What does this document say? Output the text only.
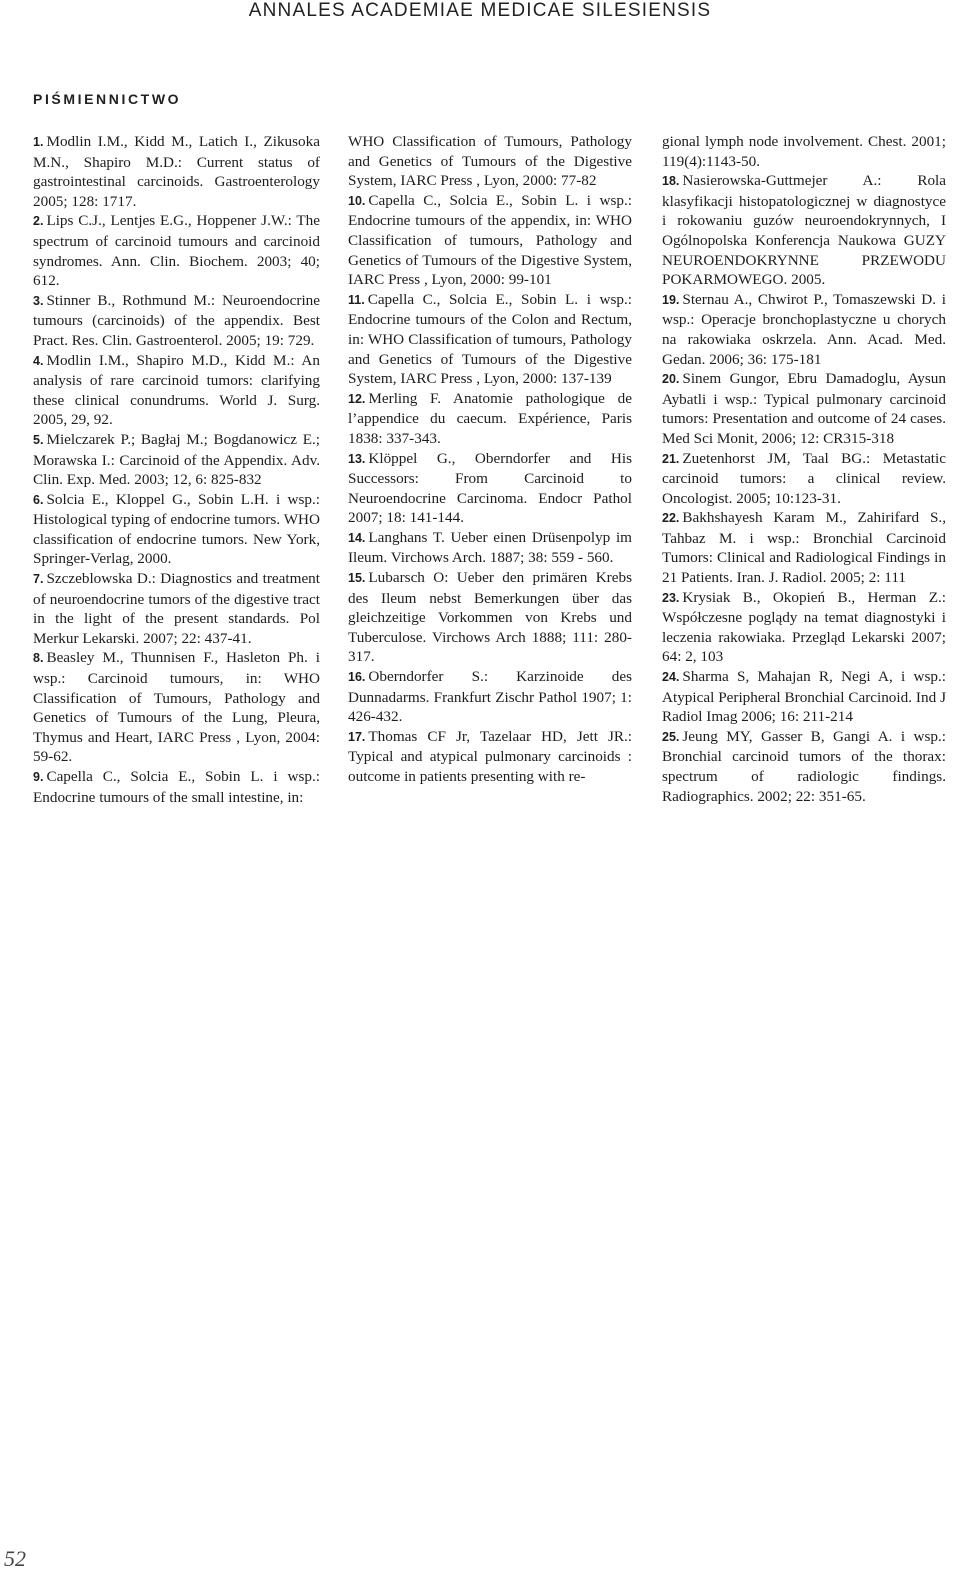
ANNALES ACADEMIAE MEDICAE SILESIENSIS
PIŚMIENNICTWO

1. Modlin I.M., Kidd M., Latich I., Zikusoka M.N., Shapiro M.D.: Current status of gastrointestinal carcinoids. Gastroenterology 2005; 128: 1717.

2. Lips C.J., Lentjes E.G., Hoppener J.W.: The spectrum of carcinoid tumours and carcinoid syndromes. Ann. Clin. Biochem. 2003; 40; 612.

3. Stinner B., Rothmund M.: Neuroendocrine tumours (carcinoids) of the appendix. Best Pract. Res. Clin. Gastroenterol. 2005; 19: 729.

4. Modlin I.M., Shapiro M.D., Kidd M.: An analysis of rare carcinoid tumors: clarifying these clinical conundrums. World J. Surg. 2005, 29, 92.

5. Mielczarek P.; Bagłaj M.; Bogdanowicz E.; Morawska I.: Carcinoid of the Appendix. Adv. Clin. Exp. Med. 2003; 12, 6: 825-832

6. Solcia E., Kloppel G., Sobin L.H. i wsp.: Histological typing of endocrine tumors. WHO classification of endocrine tumors. New York, Springer-Verlag, 2000.

7. Szczeblowska D.: Diagnostics and treatment of neuroendocrine tumors of the digestive tract in the light of the present standards. Pol Merkur Lekarski. 2007; 22: 437-41.

8. Beasley M., Thunnisen F., Hasleton Ph. i wsp.: Carcinoid tumours, in: WHO Classification of Tumours, Pathology and Genetics of Tumours of the Lung, Pleura, Thymus and Heart, IARC Press , Lyon, 2004: 59-62.

9. Capella C., Solcia E., Sobin L. i wsp.: Endocrine tumours of the small intestine, in:

WHO Classification of Tumours, Pathology and Genetics of Tumours of the Digestive System, IARC Press , Lyon, 2000: 77-82

10. Capella C., Solcia E., Sobin L. i wsp.: Endocrine tumours of the appendix, in: WHO Classification of tumours, Pathology and Genetics of Tumours of the Digestive System, IARC Press , Lyon, 2000: 99-101

11. Capella C., Solcia E., Sobin L. i wsp.: Endocrine tumours of the Colon and Rectum, in: WHO Classification of tumours, Pathology and Genetics of Tumours of the Digestive System, IARC Press , Lyon, 2000: 137-139

12. Merling F. Anatomie pathologique de l’appendice du caecum. Expérience, Paris 1838: 337-343.

13. Klöppel G., Oberndorfer and His Successors: From Carcinoid to Neuroendocrine Carcinoma. Endocr Pathol 2007; 18: 141-144.

14. Langhans T. Ueber einen Drüsenpolyp im Ileum. Virchows Arch. 1887; 38: 559 - 560.

15. Lubarsch O: Ueber den primären Krebs des Ileum nebst Bemerkungen über das gleichzeitige Vorkommen von Krebs und Tuberculose. Virchows Arch 1888; 111: 280-317.

16. Oberndorfer S.: Karzinoide des Dunnadarms. Frankfurt Zischr Pathol 1907; 1: 426-432.

17. Thomas CF Jr, Tazelaar HD, Jett JR.: Typical and atypical pulmonary carcinoids : outcome in patients presenting with re-

gional lymph node involvement. Chest. 2001; 119(4):1143-50.

18. Nasierowska-Guttmejer A.: Rola klasyfikacji histopatologicznej w diagnostyce i rokowaniu guzów neuroendokrynnych, I Ogólnopolska Konferencja Naukowa GUZY NEUROENDOKRYNNE PRZEWODU POKARMOWEGO. 2005.

19. Sternau A., Chwirot P., Tomaszewski D. i wsp.: Operacje bronchoplastyczne u chorych na rakowiaka oskrzela. Ann. Acad. Med. Gedan. 2006; 36: 175-181

20. Sinem Gungor, Ebru Damadoglu, Aysun Aybatli i wsp.: Typical pulmonary carcinoid tumors: Presentation and outcome of 24 cases. Med Sci Monit, 2006; 12: CR315-318

21. Zuetenhorst JM, Taal BG.: Metastatic carcinoid tumors: a clinical review. Oncologist. 2005; 10:123-31.

22. Bakhshayesh Karam M., Zahirifard S., Tahbaz M. i wsp.: Bronchial Carcinoid Tumors: Clinical and Radiological Findings in 21 Patients. Iran. J. Radiol. 2005; 2: 111

23. Krysiak B., Okopień B., Herman Z.: Współczesne poglądy na temat diagnostyki i leczenia rakowiaka. Przegląd Lekarski 2007; 64: 2, 103

24. Sharma S, Mahajan R, Negi A, i wsp.: Atypical Peripheral Bronchial Carcinoid. Ind J Radiol Imag 2006; 16: 211-214

25. Jeung MY, Gasser B, Gangi A. i wsp.: Bronchial carcinoid tumors of the thorax: spectrum of radiologic findings. Radiographics. 2002; 22: 351-65.

52
